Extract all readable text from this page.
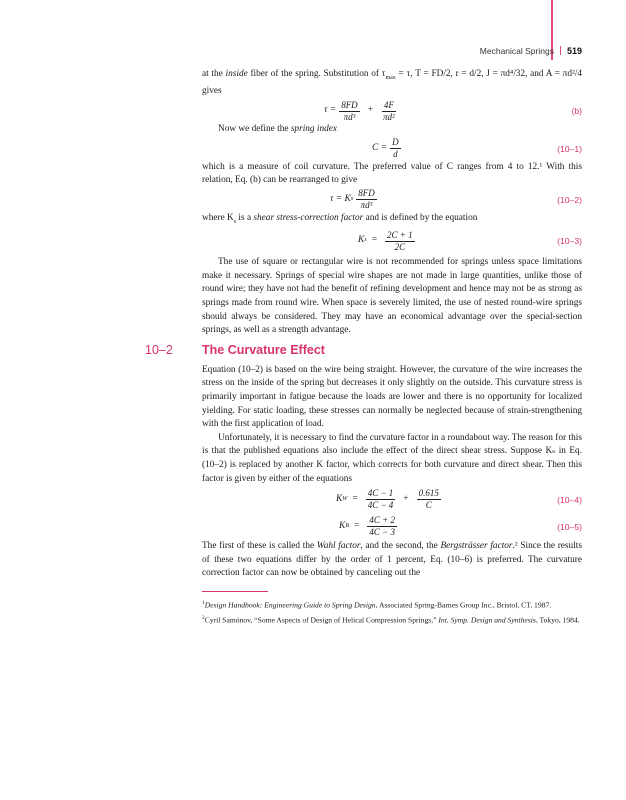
Mechanical Springs 519

at the inside fiber of the spring. Substitution of $\tau_{max} = \tau$, T = FD/2, r = d/2, J = πd⁴/32, and A = πd²/4 gives

$\tau = \frac{8FD}{\text{πd³}} + \frac{4F}{\text{πd²}}$	(b)

Now we define the spring index

$C = \frac{D}{d}$	(10–1)

which is a measure of coil curvature. The preferred value of C ranges from 4 to 12.¹ With this relation, Eq. (b) can be rearranged to give

τ = K s $\frac{8FD}{\text{πd³}}$	(10–2)

where $K_s$ is a shear stress-correction factor and is defined by the equation

K $s = \frac{2C + 1}{2C}$	(10–3)

The use of square or rectangular wire is not recommended for springs unless space limitations make it necessary. Springs of special wire shapes are not made in large quantities, unlike those of round wire; they have not had the benefit of refining development and hence may not be as strong as springs made from round wire. When space is severely limited, the use of nested round-wire springs should always be considered. They may have an economical advantage over the special-section springs, as well as a strength advantage.

10–2 The Curvature Effect

Equation (10–2) is based on the wire being straight. However, the curvature of the wire increases the stress on the inside of the spring but decreases it only slightly on the outside. This curvature stress is primarily important in fatigue because the loads are lower and there is no opportunity for localized yielding. For static loading, these stresses can normally be neglected because of strain-strengthening with the first application of load.

Unfortunately, it is necessary to find the curvature factor in a roundabout way. The reason for this is that the published equations also include the effect of the direct shear stress. Suppose Kₛ in Eq. (10–2) is replaced by another K factor, which corrects for both curvature and direct shear. Then this factor is given by either of the equations

K $W = \frac{4C - 1}{4C - 4} + \frac{0.615}{C}$	(10–4)
K $B = \frac{4C + 2}{4C - 3}$	(10–5)

The first of these is called the Wahl factor, and the second, the Bergsträsser factor.² Since the results of these two equations differ by the order of 1 percent, Eq. (10–6) is preferred. The curvature correction factor can now be obtained by canceling out the

$^1$Design Handbook: Engineering Guide to Spring Design, Associated Spring-Barnes Group Inc., Bristol, CT, 1987.
$^2$Cyril Samónov, “Some Aspects of Design of Helical Compression Springs,” Int. Symp. Design and Synthesis, Tokyo, 1984.
